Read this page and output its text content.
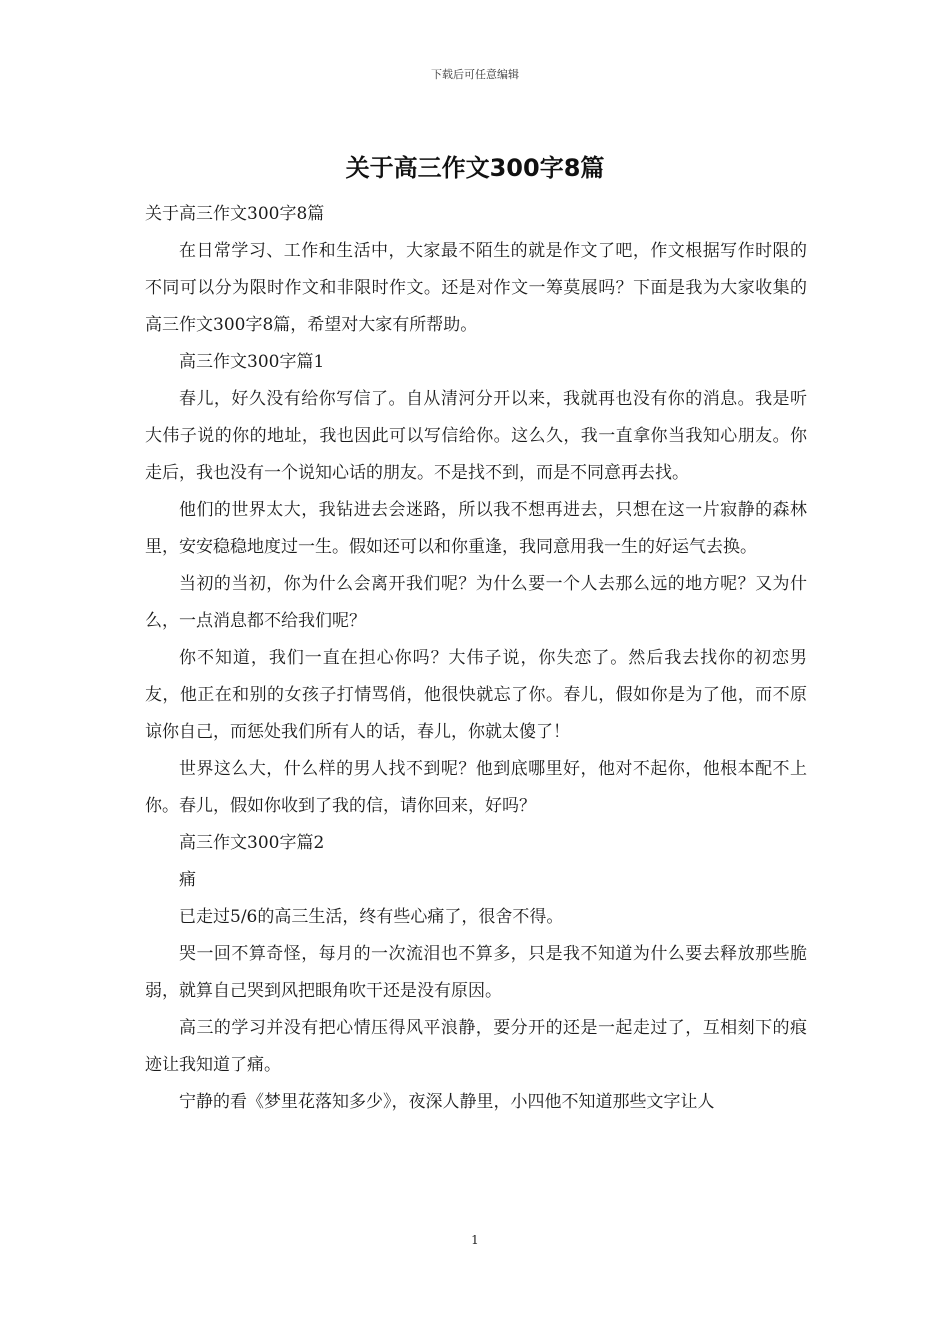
下载后可任意编辑
关于高三作文300字8篇

关于高三作文300字8篇

在日常学习、工作和生活中，大家最不陌生的就是作文了吧，作文根据写作时限的不同可以分为限时作文和非限时作文。还是对作文一筹莫展吗？下面是我为大家收集的高三作文300字8篇，希望对大家有所帮助。

高三作文300字篇1

春儿，好久没有给你写信了。自从清河分开以来，我就再也没有你的消息。我是听大伟子说的你的地址，我也因此可以写信给你。这么久，我一直拿你当我知心朋友。你走后，我也没有一个说知心话的朋友。不是找不到，而是不同意再去找。

他们的世界太大，我钻进去会迷路，所以我不想再进去，只想在这一片寂静的森林里，安安稳稳地度过一生。假如还可以和你重逢，我同意用我一生的好运气去换。

当初的当初，你为什么会离开我们呢？为什么要一个人去那么远的地方呢？又为什么，一点消息都不给我们呢？

你不知道，我们一直在担心你吗？大伟子说，你失恋了。然后我去找你的初恋男友，他正在和别的女孩子打情骂俏，他很快就忘了你。春儿，假如你是为了他，而不原谅你自己，而惩处我们所有人的话，春儿，你就太傻了！

世界这么大，什么样的男人找不到呢？他到底哪里好，他对不起你，他根本配不上你。春儿，假如你收到了我的信，请你回来，好吗？

高三作文300字篇2

痛

已走过5/6的高三生活，终有些心痛了，很舍不得。

哭一回不算奇怪，每月的一次流泪也不算多，只是我不知道为什么要去释放那些脆弱，就算自己哭到风把眼角吹干还是没有原因。

高三的学习并没有把心情压得风平浪静，要分开的还是一起走过了，互相刻下的痕迹让我知道了痛。

宁静的看《梦里花落知多少》，夜深人静里，小四他不知道那些文字让人

1
